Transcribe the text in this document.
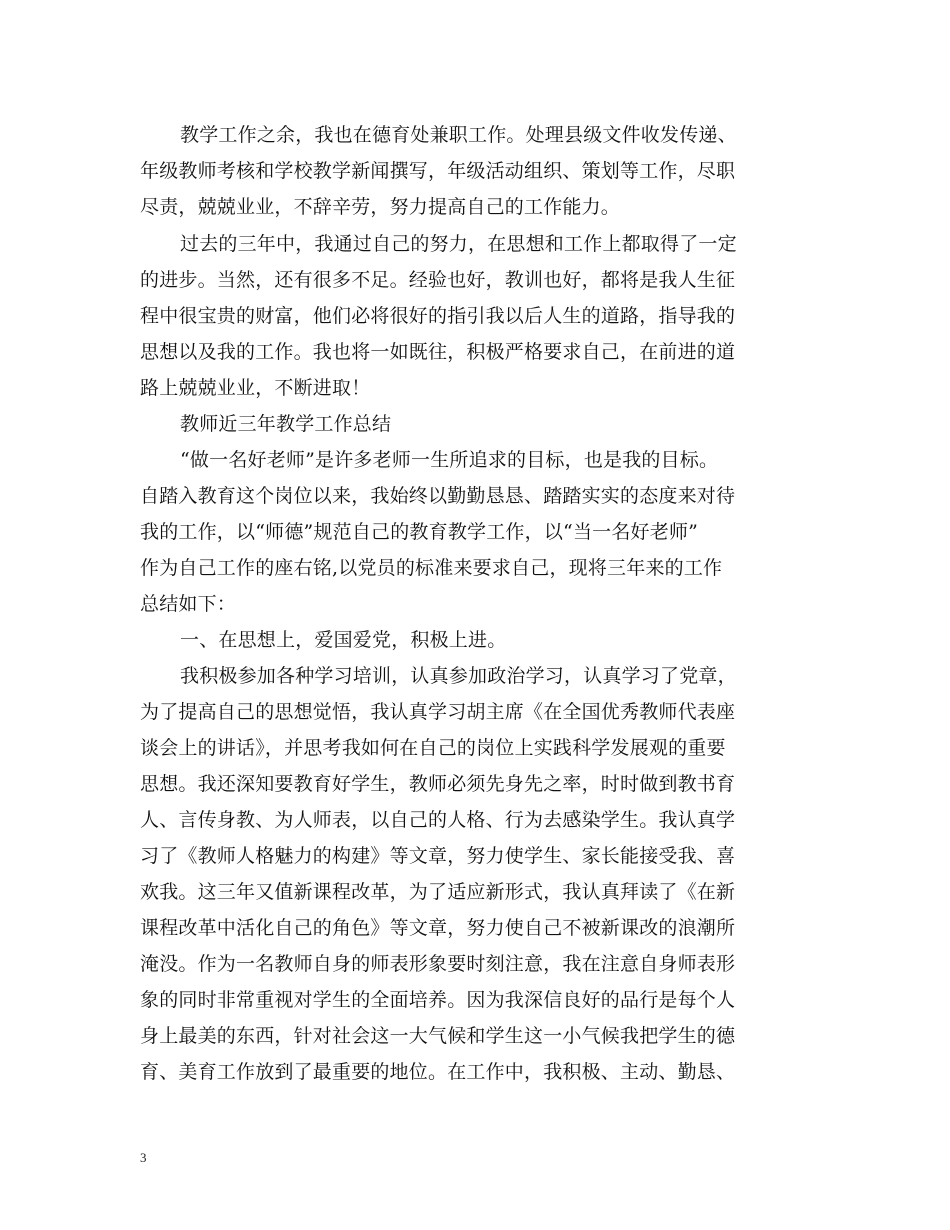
教学工作之余，我也在德育处兼职工作。处理县级文件收发传递、
年级教师考核和学校教学新闻撰写，年级活动组织、策划等工作，尽职
尽责，兢兢业业，不辞辛劳，努力提高自己的工作能力。
过去的三年中，我通过自己的努力，在思想和工作上都取得了一定
的进步。当然，还有很多不足。经验也好，教训也好，都将是我人生征
程中很宝贵的财富，他们必将很好的指引我以后人生的道路，指导我的
思想以及我的工作。我也将一如既往，积极严格要求自己，在前进的道
路上兢兢业业，不断进取！
教师近三年教学工作总结
“做一名好老师”是许多老师一生所追求的目标，也是我的目标。
自踏入教育这个岗位以来，我始终以勤勤恳恳、踏踏实实的态度来对待
我的工作，以“师德”规范自己的教育教学工作，以“当一名好老师”
作为自己工作的座右铭,以党员的标准来要求自己，现将三年来的工作
总结如下：
一、在思想上，爱国爱党，积极上进。
我积极参加各种学习培训，认真参加政治学习，认真学习了党章，
为了提高自己的思想觉悟，我认真学习胡主席《在全国优秀教师代表座
谈会上的讲话》，并思考我如何在自己的岗位上实践科学发展观的重要
思想。我还深知要教育好学生，教师必须先身先之率，时时做到教书育
人、言传身教、为人师表，以自己的人格、行为去感染学生。我认真学
习了《教师人格魅力的构建》等文章，努力使学生、家长能接受我、喜
欢我。这三年又值新课程改革，为了适应新形式，我认真拜读了《在新
课程改革中活化自己的角色》等文章，努力使自己不被新课改的浪潮所
淹没。作为一名教师自身的师表形象要时刻注意，我在注意自身师表形
象的同时非常重视对学生的全面培养。因为我深信良好的品行是每个人
身上最美的东西，针对社会这一大气候和学生这一小气候我把学生的德
育、美育工作放到了最重要的地位。在工作中，我积极、主动、勤恳、
3
